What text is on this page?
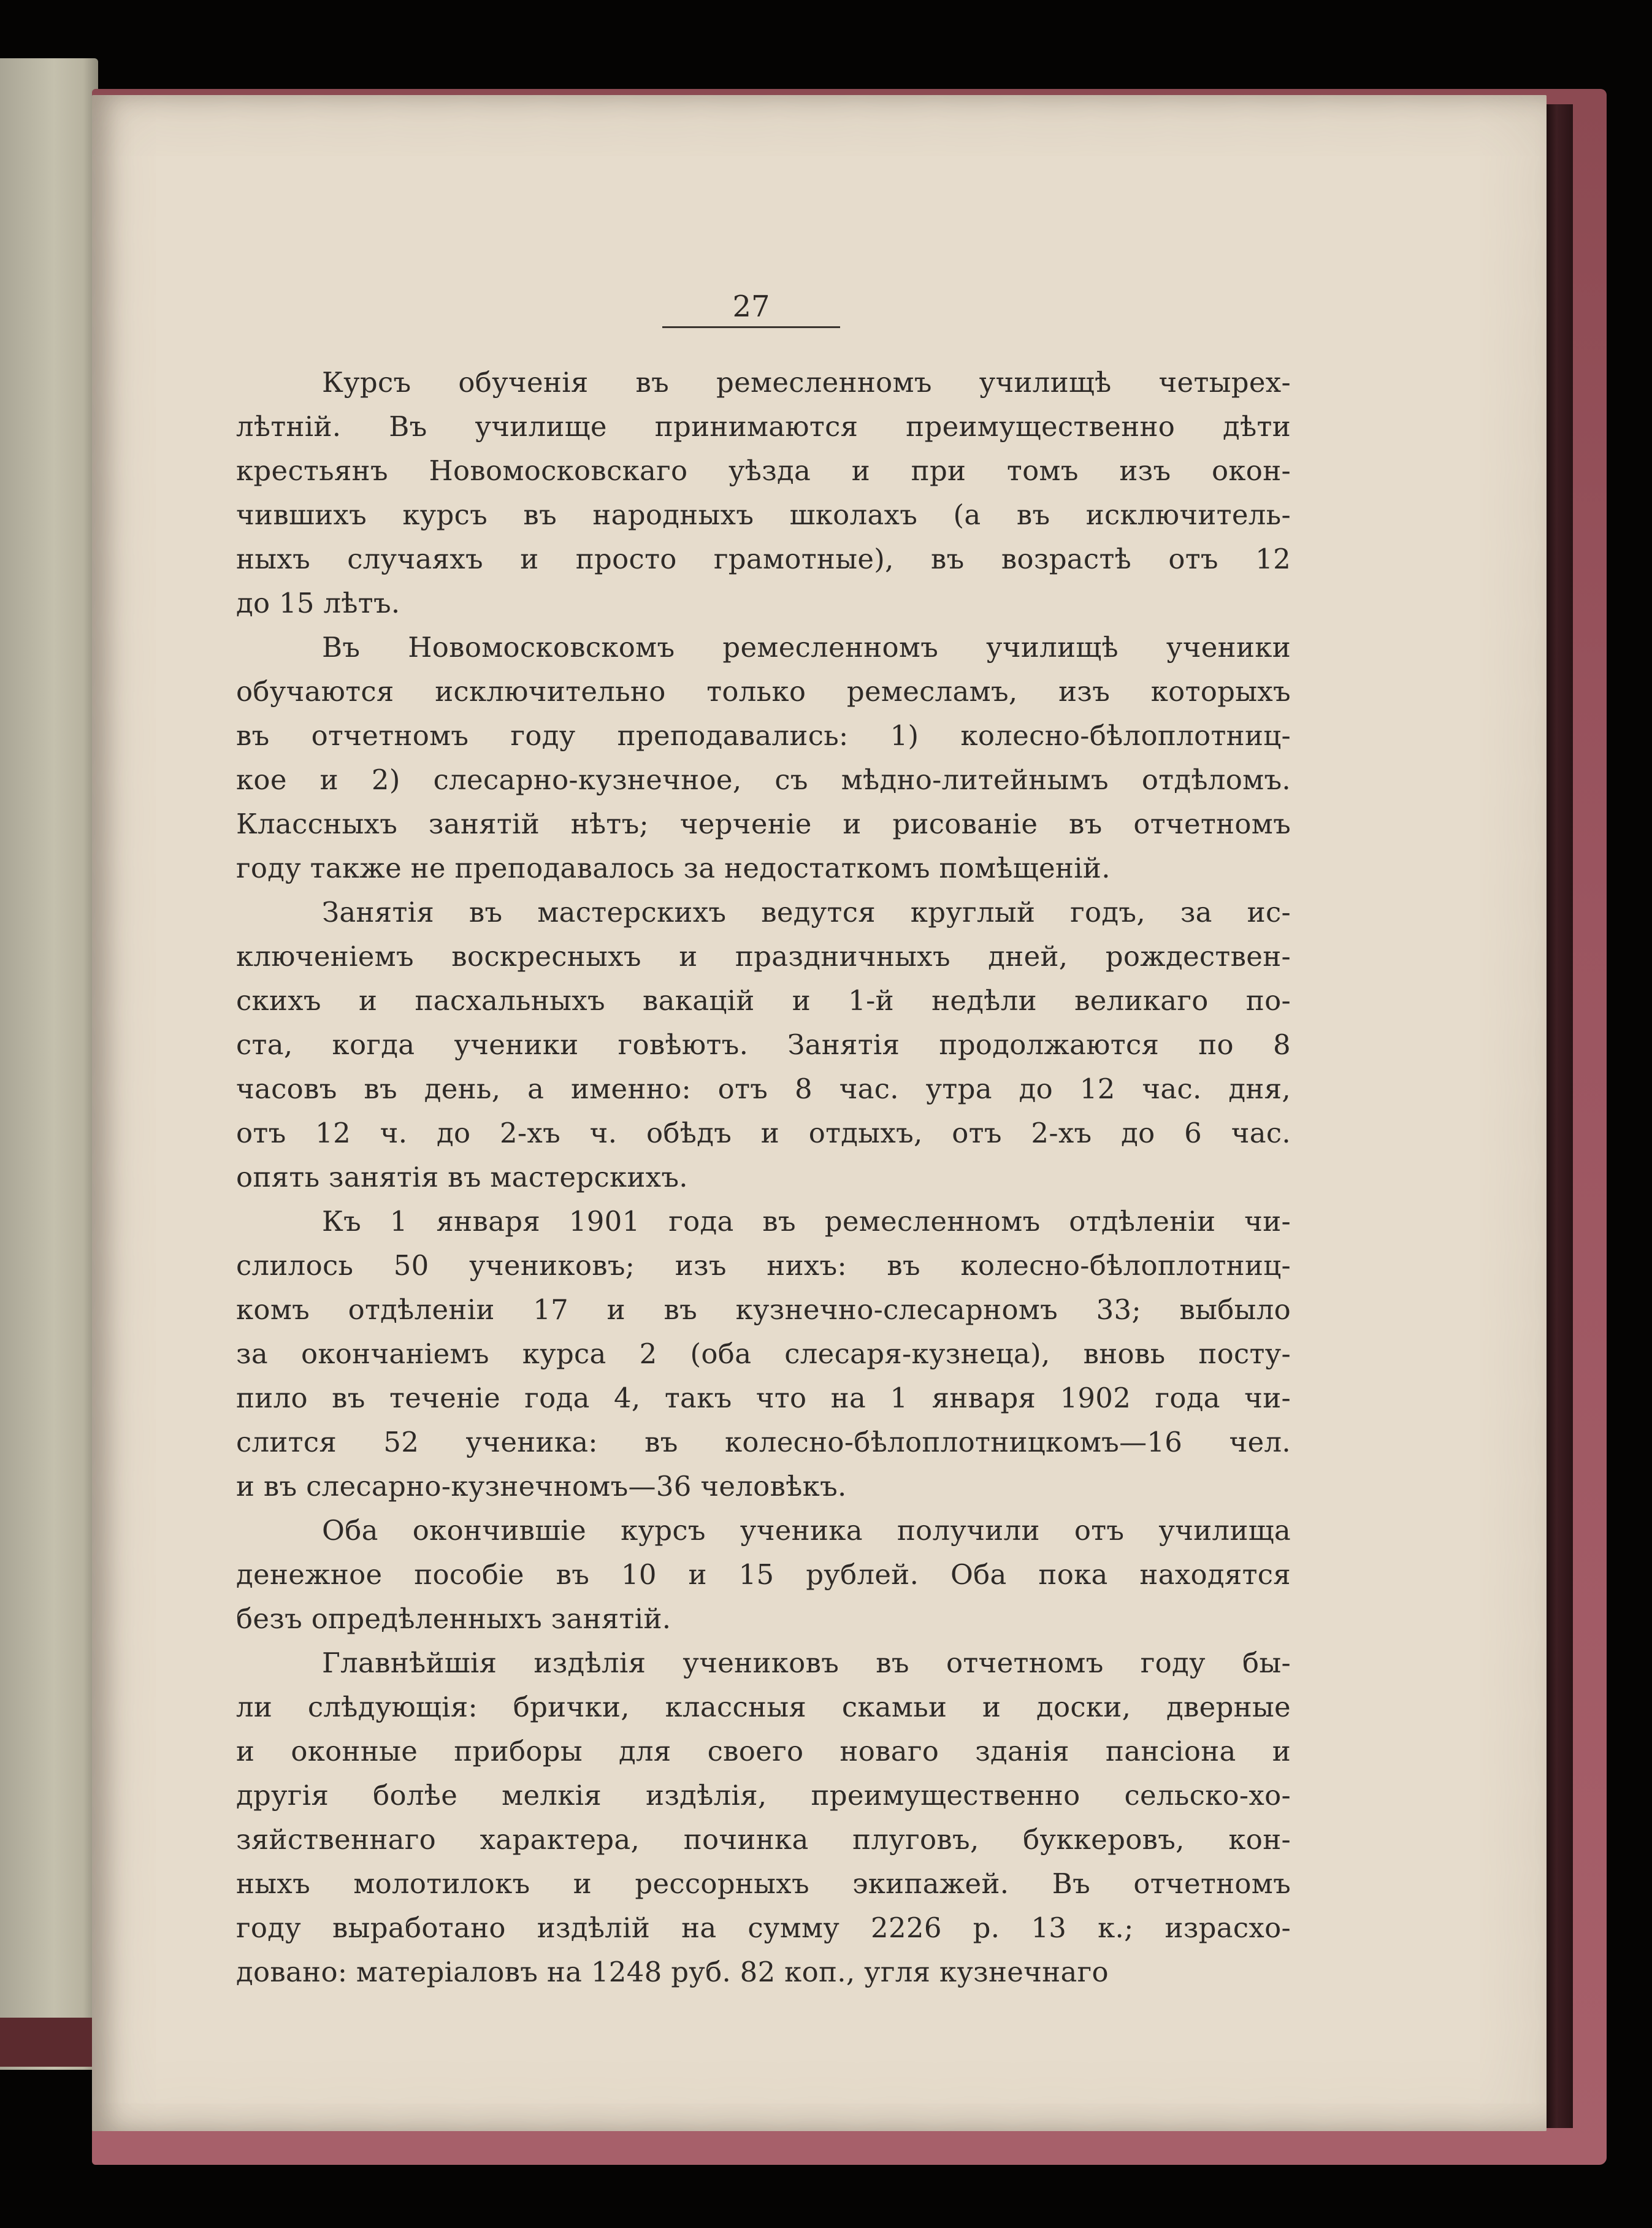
27
Курсъ обученія въ ремесленномъ училищѣ четырех-
лѣтній. Въ училище принимаются преимущественно дѣти
крестьянъ Новомосковскаго уѣзда и при томъ изъ окон-
чившихъ курсъ въ народныхъ школахъ (а въ исключитель-
ныхъ случаяхъ и просто грамотные), въ возрастѣ отъ 12
до 15 лѣтъ.
Въ Новомосковскомъ ремесленномъ училищѣ ученики
обучаются исключительно только ремесламъ, изъ которыхъ
въ отчетномъ году преподавались: 1) колесно-бѣлоплотниц-
кое и 2) слесарно-кузнечное, съ мѣдно-литейнымъ отдѣломъ.
Классныхъ занятій нѣтъ; черченіе и рисованіе въ отчетномъ
году также не преподавалось за недостаткомъ помѣщеній.
Занятія въ мастерскихъ ведутся круглый годъ, за ис-
ключеніемъ воскресныхъ и праздничныхъ дней, рождествен-
скихъ и пасхальныхъ вакацій и 1-й недѣли великаго по-
ста, когда ученики говѣютъ. Занятія продолжаются по 8
часовъ въ день, а именно: отъ 8 час. утра до 12 час. дня,
отъ 12 ч. до 2-хъ ч. обѣдъ и отдыхъ, отъ 2-хъ до 6 час.
опять занятія въ мастерскихъ.
Къ 1 января 1901 года въ ремесленномъ отдѣленіи чи-
слилось 50 учениковъ; изъ нихъ: въ колесно-бѣлоплотниц-
комъ отдѣленіи 17 и въ кузнечно-слесарномъ 33; выбыло
за окончаніемъ курса 2 (оба слесаря-кузнеца), вновь посту-
пило въ теченіе года 4, такъ что на 1 января 1902 года чи-
слится 52 ученика: въ колесно-бѣлоплотницкомъ—16 чел.
и въ слесарно-кузнечномъ—36 человѣкъ.
Оба окончившіе курсъ ученика получили отъ училища
денежное пособіе въ 10 и 15 рублей. Оба пока находятся
безъ опредѣленныхъ занятій.
Главнѣйшія издѣлія учениковъ въ отчетномъ году бы-
ли слѣдующія: брички, классныя скамьи и доски, дверные
и оконные приборы для своего новаго зданія пансіона и
другія болѣе мелкія издѣлія, преимущественно сельско-хо-
зяйственнаго характера, починка плуговъ, буккеровъ, кон-
ныхъ молотилокъ и рессорныхъ экипажей. Въ отчетномъ
году выработано издѣлій на сумму 2226 р. 13 к.; израсхо-
довано: матеріаловъ на 1248 руб. 82 коп., угля кузнечнаго
